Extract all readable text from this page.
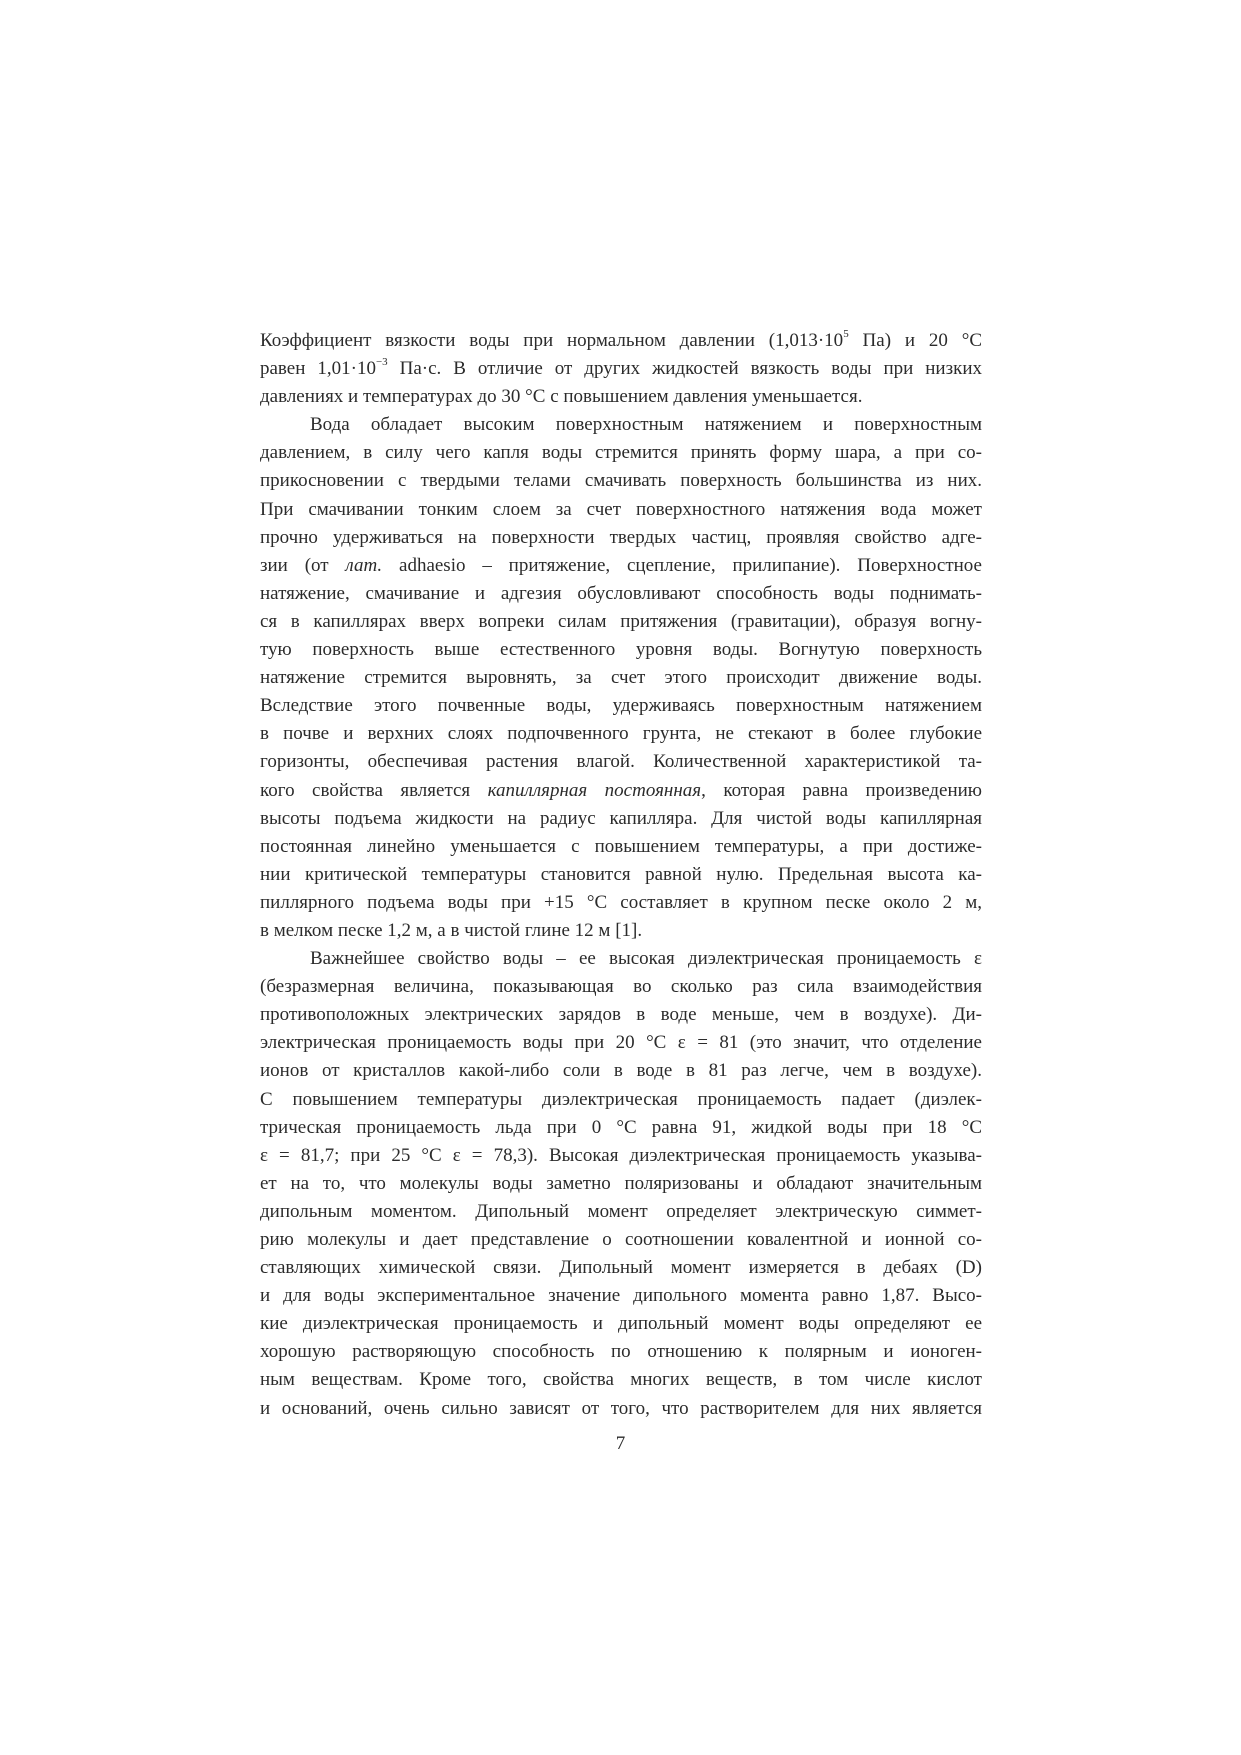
Коэффициент вязкости воды при нормальном давлении ($1,013\cdot 10^5$ Па) и 20 °С
равен $1,01\cdot 10^{-3}$ Па·с. В отличие от других жидкостей вязкость воды при низких
давлениях и температурах до 30 °С с повышением давления уменьшается.

Вода обладает высоким поверхностным натяжением и поверхностным
давлением, в силу чего капля воды стремится принять форму шара, а при со-
прикосновении с твердыми телами смачивать поверхность большинства из них.
При смачивании тонким слоем за счет поверхностного натяжения вода может
прочно удерживаться на поверхности твердых частиц, проявляя свойство адге-
зии (от лат. adhaesio – притяжение, сцепление, прилипание). Поверхностное
натяжение, смачивание и адгезия обусловливают способность воды поднимать-
ся в капиллярах вверх вопреки силам притяжения (гравитации), образуя вогну-
тую поверхность выше естественного уровня воды. Вогнутую поверхность
натяжение стремится выровнять, за счет этого происходит движение воды.
Вследствие этого почвенные воды, удерживаясь поверхностным натяжением
в почве и верхних слоях подпочвенного грунта, не стекают в более глубокие
горизонты, обеспечивая растения влагой. Количественной характеристикой та-
кого свойства является капиллярная постоянная, которая равна произведению
высоты подъема жидкости на радиус капилляра. Для чистой воды капиллярная
постоянная линейно уменьшается с повышением температуры, а при достиже-
нии критической температуры становится равной нулю. Предельная высота ка-
пиллярного подъема воды при +15 °С составляет в крупном песке около 2 м,
в мелком песке 1,2 м, а в чистой глине 12 м [1].

Важнейшее свойство воды – ее высокая диэлектрическая проницаемость ε
(безразмерная величина, показывающая во сколько раз сила взаимодействия
противоположных электрических зарядов в воде меньше, чем в воздухе). Ди-
электрическая проницаемость воды при 20 °С ε = 81 (это значит, что отделение
ионов от кристаллов какой-либо соли в воде в 81 раз легче, чем в воздухе).
С повышением температуры диэлектрическая проницаемость падает (диэлек-
трическая проницаемость льда при 0 °С равна 91, жидкой воды при 18 °С
ε = 81,7; при 25 °С ε = 78,3). Высокая диэлектрическая проницаемость указыва-
ет на то, что молекулы воды заметно поляризованы и обладают значительным
дипольным моментом. Дипольный момент определяет электрическую симмет-
рию молекулы и дает представление о соотношении ковалентной и ионной со-
ставляющих химической связи. Дипольный момент измеряется в дебаях (D)
и для воды экспериментальное значение дипольного момента равно 1,87. Высо-
кие диэлектрическая проницаемость и дипольный момент воды определяют ее
хорошую растворяющую способность по отношению к полярным и ионоген-
ным веществам. Кроме того, свойства многих веществ, в том числе кислот
и оснований, очень сильно зависят от того, что растворителем для них является

7
